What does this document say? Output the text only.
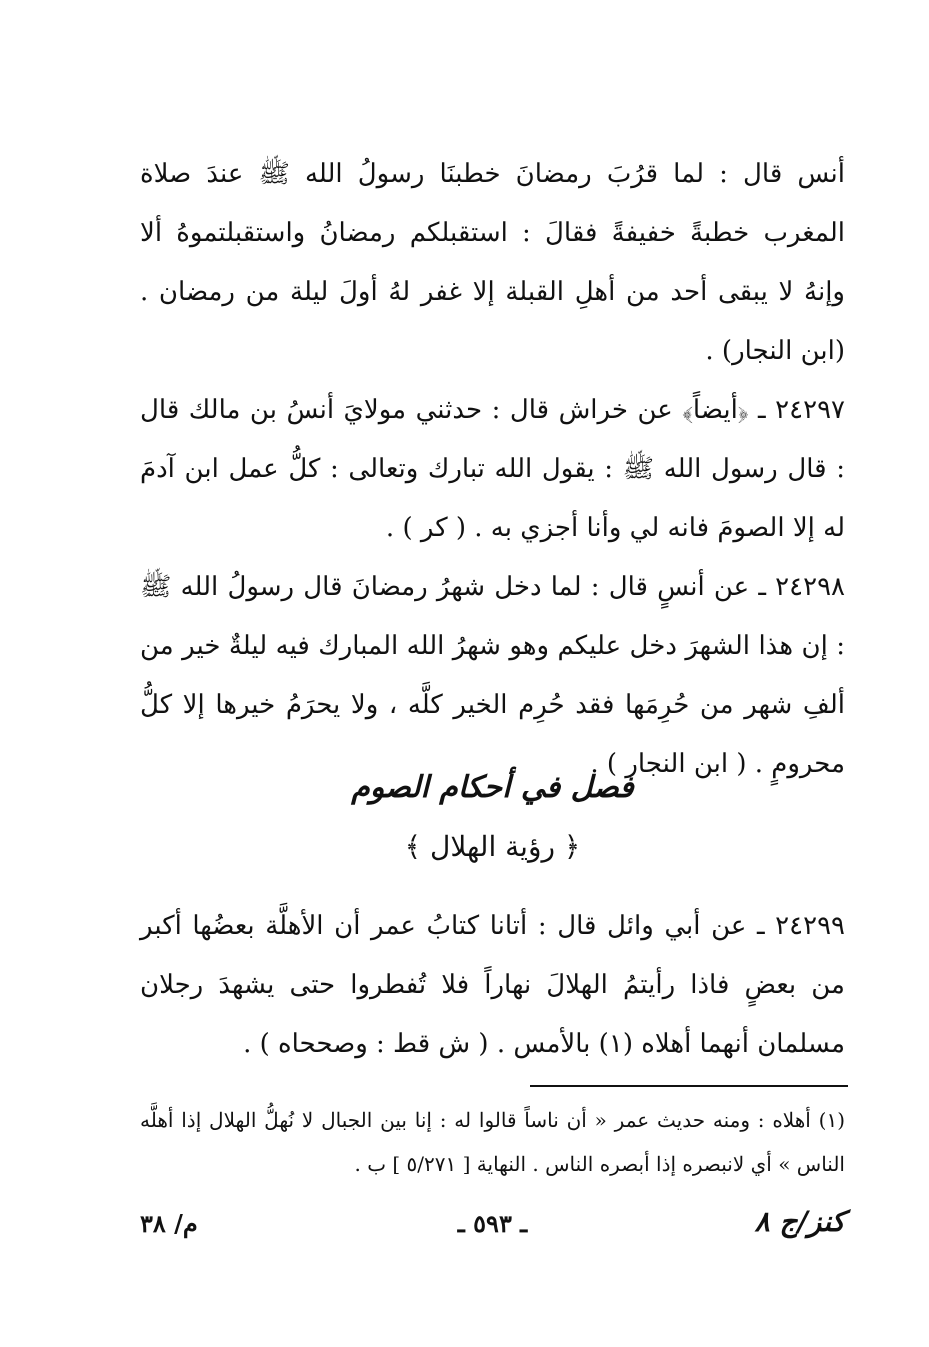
أنس قال : لما قرُبَ رمضانَ خطبنَا رسولُ الله ﷺ عندَ صلاة المغرب خطبةً خفيفةً فقالَ : استقبلكم رمضانُ واستقبلتموهُ ألا وإنهُ لا يبقى أحد من أهلِ القبلة إلا غفر لهُ أولَ ليلة من رمضان . (ابن النجار) .

٢٤٢٩٧ ـ ﴿أيضاً﴾ عن خراش قال : حدثني مولايَ أنسُ بن مالك قال : قال رسول الله ﷺ : يقول الله تبارك وتعالى : كلُّ عمل ابن آدمَ له إلا الصومَ فانه لي وأنا أجزي به . ( كر ) .

٢٤٢٩٨ ـ عن أنسٍ قال : لما دخل شهرُ رمضانَ قال رسولُ الله ﷺ : إن هذا الشهرَ دخل عليكم وهو شهرُ الله المبارك فيه ليلةٌ خير من ألفِ شهر من حُرِمَها فقد حُرِم الخير كلَّه ، ولا يحرَمُ خيرها إلا كلُّ محرومٍ . ( ابن النجار ) .

فصل في أحكام الصوم
﴿ رؤية الهلال ﴾

٢٤٢٩٩ ـ عن أبي وائل قال : أتانا كتابُ عمر أن الأهلَّة بعضُها أكبر من بعضٍ فاذا رأيتمُ الهلالَ نهاراً فلا تُفطروا حتى يشهدَ رجلان مسلمان أنهما أهلاه (١) بالأمس . ( ش قط : وصححاه ) .

(١) أهلاه : ومنه حديث عمر « أن ناساً قالوا له : إنا بين الجبال لا نُهلُّ الهلال إذا أهلَّه الناس » أي لانبصره إذا أبصره الناس . النهاية [ ٥/٢٧١ ] ب .
كنز/ج ٨
ـ ٥٩٣ ـ
م/ ٣٨
